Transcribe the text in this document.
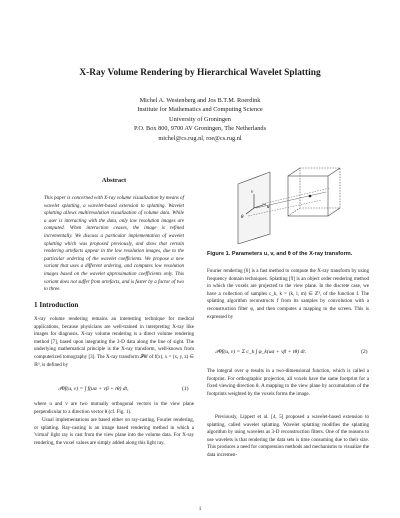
X-Ray Volume Rendering by Hierarchical Wavelet Splatting
Michel A. Westenberg and Jos B.T.M. Roerdink
Institute for Mathematics and Computing Science
University of Groningen
P.O. Box 800, 9700 AV Groningen, The Netherlands
michel@cs.rug.nl, roe@cs.rug.nl
Abstract
This paper is concerned with X-ray volume visualization by means of wavelet splatting, a wavelet-based extension to splatting. Wavelet splatting allows multiresolution visualization of volume data. While a user is interacting with the data, only low resolution images are computed. When interaction ceases, the image is refined incrementally. We discuss a particular implementation of wavelet splatting which was proposed previously, and show that certain rendering artefacts appear in the low resolution images, due to the particular ordering of the wavelet coefficients. We propose a new variant that uses a different ordering, and computes low resolution images based on the wavelet approximation coefficients only. This variant does not suffer from artefacts, and is faster by a factor of two to three.
1 Introduction

X-ray volume rendering remains an interesting technique for medical applications, because physicians are well-trained in interpreting X-ray like images for diagnosis. X-ray volume rendering is a direct volume rendering method [7], based upon integrating the 3-D data along the line of sight. The underlying mathematical principle is the X-ray transform, well-known from computerized tomography [3]. The X-ray transform 𝒫θf of f(x), x = (x, y, z) ∈ ℝ³, is defined by

𝒫θf(u, v) = ∫ f(uα + vβ + tθ) dt,	(1)

where u and v are two mutually orthogonal vectors in the view plane perpendicular to a direction vector θ (cf. Fig. 1).

Usual implementations are based either on ray-casting, Fourier rendering, or splatting. Ray-casting is an image based rendering method in which a 'virtual' light ray is cast from the view plane into the volume data. For X-ray rendering, the voxel values are simply added along this light ray.

u
v
θ
Figure 1. Parameters u, v, and θ of the X-ray transform.

Fourier rendering [6] is a fast method to compute the X-ray transform by using frequency domain techniques. Splatting [9] is an object order rendering method in which the voxels are projected to the view plane. In the discrete case, we have a collection of samples c_k, k = (k, l, m) ∈ ℤ³, of the function f. The splatting algorithm reconstructs f from its samples by convolution with a reconstruction filter φ, and then computes a mapping to the screen. This is expressed by

𝒫θf(u, v) = Σ c_k ∫ φ_k(uα + vβ + tθ) dt.	(2)

The integral over φ results in a two-dimensional function, which is called a footprint. For orthographic projection, all voxels have the same footprint for a fixed viewing direction θ. A mapping to the view plane by accumulation of the footprints weighted by the voxels forms the image.

Previously, Lippert et al. [4, 5] proposed a wavelet-based extension to splatting, called wavelet splatting. Wavelet splatting modifies the splatting algorithm by using wavelets as 3-D reconstruction filters. One of the reasons to use wavelets is that rendering the data sets is time consuming due to their size. This produces a need for compression methods and mechanisms to visualize the data incremen-

1
